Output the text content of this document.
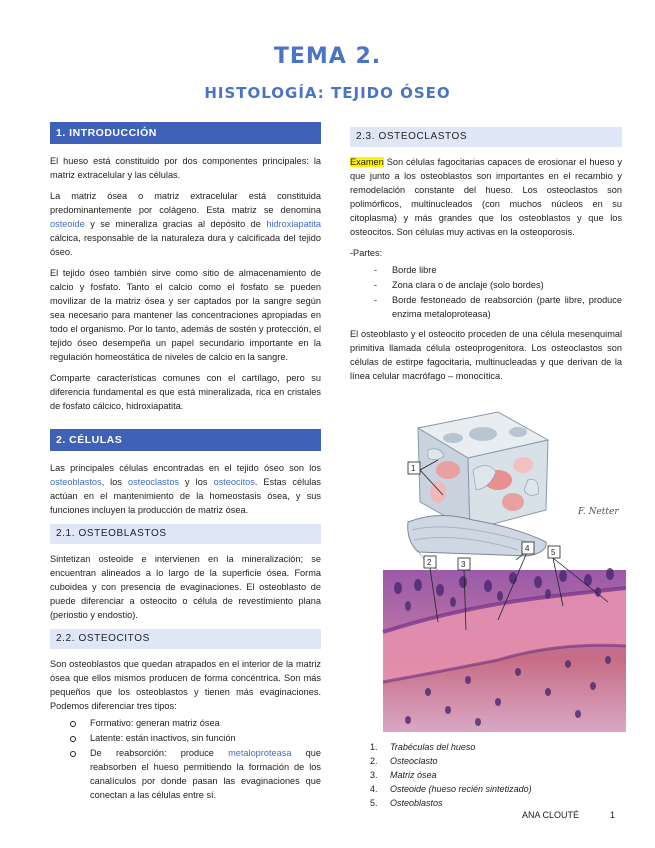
TEMA 2.
HISTOLOGÍA: TEJIDO ÓSEO
1. INTRODUCCIÓN

El hueso está constituido por dos componentes principales: la matriz extracelular y las células.

La matriz ósea o matriz extracelular está constituida predominantemente por colágeno. Esta matriz se denomina osteoide y se mineraliza gracias al depósito de hidroxiapatita cálcica, responsable de la naturaleza dura y calcificada del tejido óseo.

El tejido óseo también sirve como sitio de almacenamiento de calcio y fosfato. Tanto el calcio como el fosfato se pueden movilizar de la matriz ósea y ser captados por la sangre según sea necesario para mantener las concentraciones apropiadas en todo el organismo. Por lo tanto, además de sostén y protección, el tejido óseo desempeña un papel secundario importante en la regulación homeostática de niveles de calcio en la sangre.

Comparte características comunes con el cartílago, pero su diferencia fundamental es que está mineralizada, rica en cristales de fosfato cálcico, hidroxiapatita.

2. CÉLULAS

Las principales células encontradas en el tejido óseo son los osteoblastos, los osteoclastos y los osteocitos. Estas células actúan en el mantenimiento de la homeostasis ósea, y sus funciones incluyen la producción de matriz ósea.

2.1. OSTEOBLASTOS

Sintetizan osteoide e intervienen en la mineralización; se encuentran alineados a lo largo de la superficie ósea. Forma cuboidea y con presencia de evaginaciones. El osteoblasto de puede diferenciar a osteocito o célula de revestimiento plana (periostio y endostio).

2.2. OSTEOCITOS

Son osteoblastos que quedan atrapados en el interior de la matriz ósea que ellos mismos producen de forma concéntrica. Son más pequeños que los osteoblastos y tienen más evaginaciones. Podemos diferenciar tres tipos:

Formativo: generan matriz ósea
Latente: están inactivos, sin función
De reabsorción: produce metaloproteasa que reabsorben el hueso permitiendo la formación de los canalículos por donde pasan las evaginaciones que conectan a las células entre sí.
2.3. OSTEOCLASTOS

Examen Son células fagocitarias capaces de erosionar el hueso y que junto a los osteoblastos son importantes en el recambio y remodelación constante del hueso. Los osteoclastos son polimórficos, multinucleados (con muchos núcleos en su citoplasma) y más grandes que los osteoblastos y que los osteocitos. Son células muy activas en la osteoporosis.

-Partes:

- Borde libre
- Zona clara o de anclaje (solo bordes)
- Borde festoneado de reabsorción (parte libre, produce enzima metaloproteasa)

El osteoblasto y el osteocito proceden de una célula mesenquimal primitiva llamada célula osteoprogenitora. Los osteoclastos son células de estirpe fagocitaria, multinucleadas y que derivan de la línea celular macrófago – monocítica.

F. Netter
1
2	3
4	5
1. Trabéculas del hueso
2. Osteoclasto
3. Matriz ósea
4. Osteoide (hueso recién sintetizado)
5. Osteoblastos
ANA CLOUTÉ	1
